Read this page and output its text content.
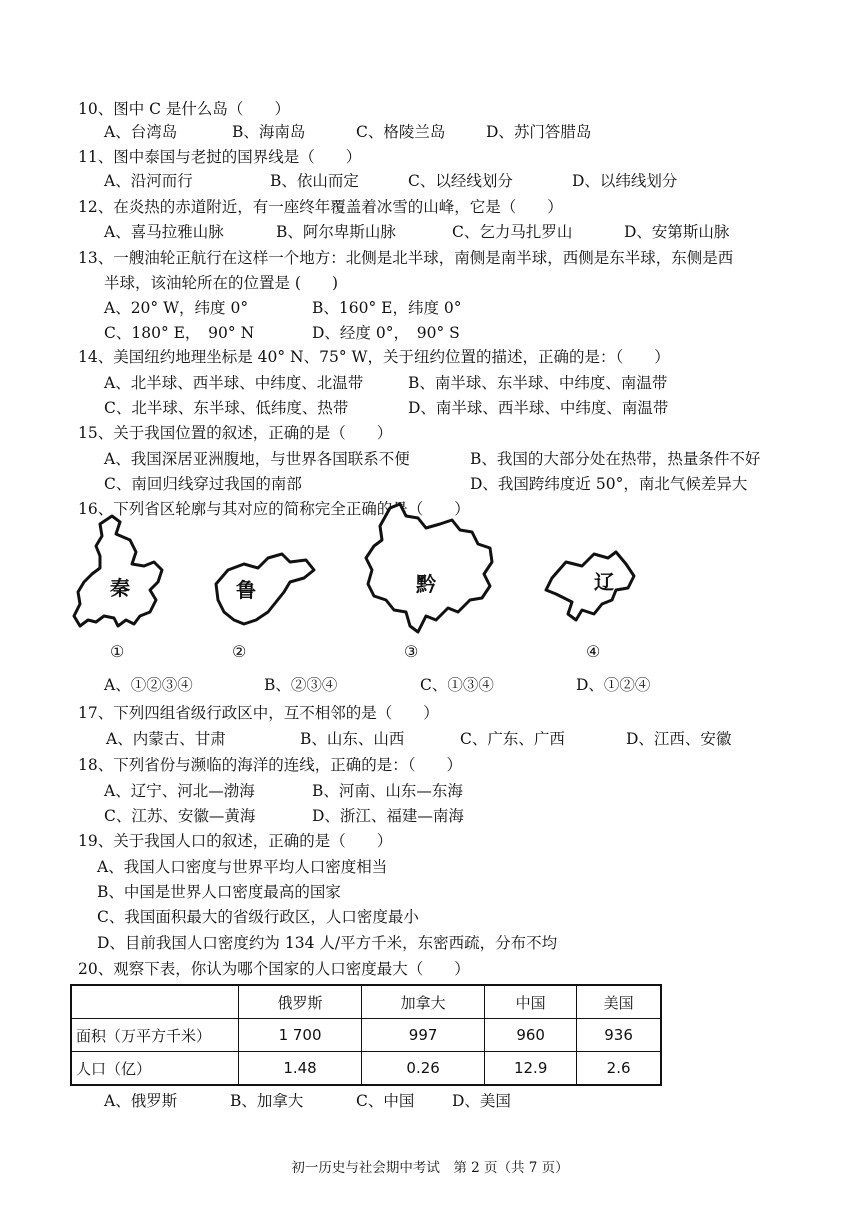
10、图中 C 是什么岛（　　）
A、台湾岛	B、海南岛	C、格陵兰岛	D、苏门答腊岛
11、图中泰国与老挝的国界线是（　　）
A、沿河而行	B、依山而定	C、以经线划分	D、以纬线划分
12、在炎热的赤道附近，有一座终年覆盖着冰雪的山峰，它是（　　）
A、喜马拉雅山脉	B、阿尔卑斯山脉	C、乞力马扎罗山	D、安第斯山脉
13、一艘油轮正航行在这样一个地方：北侧是北半球，南侧是南半球，西侧是东半球，东侧是西
半球，该油轮所在的位置是 (　　)
A、20° W，纬度 0°	B、160° E，纬度 0°
C、180° E，　90° N	D、经度 0°，　90° S
14、美国纽约地理坐标是 40° N、75° W，关于纽约位置的描述，正确的是：（　　）
A、北半球、西半球、中纬度、北温带	B、南半球、东半球、中纬度、南温带
C、北半球、东半球、低纬度、热带	D、南半球、西半球、中纬度、南温带
15、关于我国位置的叙述，正确的是（　　）
A、我国深居亚洲腹地，与世界各国联系不便	B、我国的大部分处在热带，热量条件不好
C、南回归线穿过我国的南部	D、我国跨纬度近 50°，南北气候差异大
16、下列省区轮廓与其对应的简称完全正确的是（　　）
秦	鲁	黔	辽
①	②	③	④
A、①②③④	B、②③④	C、①③④	D、①②④
17、下列四组省级行政区中，互不相邻的是（　　）
A、内蒙古、甘肃	B、山东、山西	C、广东、广西	D、江西、安徽
18、下列省份与濒临的海洋的连线，正确的是：（　　）
A、辽宁、河北—渤海	B、河南、山东—东海
C、江苏、安徽—黄海	D、浙江、福建—南海
19、关于我国人口的叙述，正确的是（　　）
A、我国人口密度与世界平均人口密度相当
B、中国是世界人口密度最高的国家
C、我国面积最大的省级行政区，人口密度最小
D、目前我国人口密度约为 134 人/平方千米，东密西疏，分布不均
20、观察下表，你认为哪个国家的人口密度最大（　　）
	俄罗斯	加拿大	中国	美国
面积（万平方千米）	1 700	997	960	936
人口（亿）	1.48	0.26	12.9	2.6
A、俄罗斯	B、加拿大	C、中国 D、美国
初一历史与社会期中考试　第 2 页（共 7 页）
